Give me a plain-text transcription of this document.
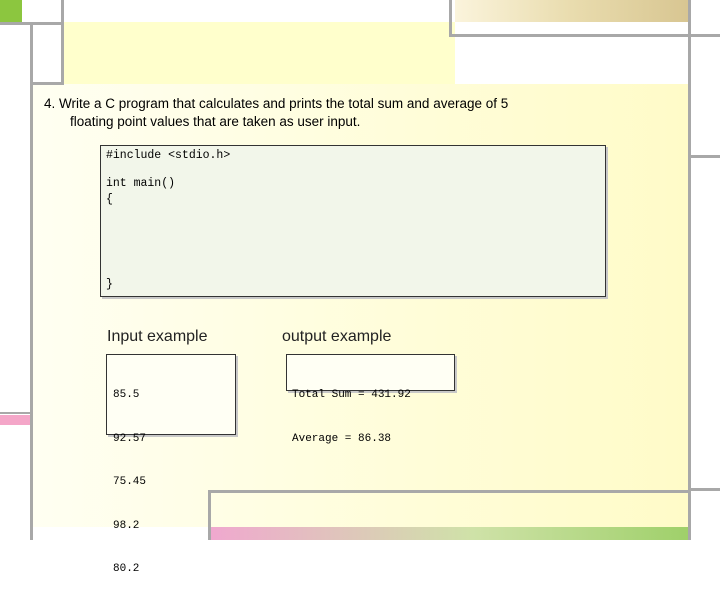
4. Write a C program that calculates and prints the total sum and average of 5
floating point values that are taken as user input.
#include <stdio.h>
int main()
{
}
Input example

85.5

92.57

75.45

98.2

80.2

output example

Total Sum = 431.92

Average = 86.38
